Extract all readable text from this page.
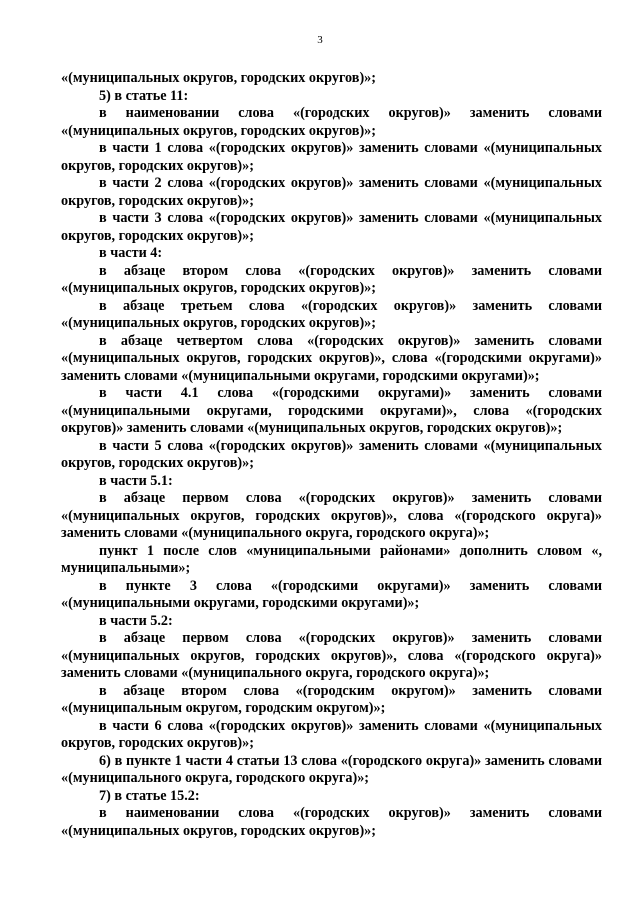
3

«(муниципальных округов, городских округов)»;

5) в статье 11:

в наименовании слова «(городских округов)» заменить словами «(муниципальных округов, городских округов)»;

в части 1 слова «(городских округов)» заменить словами «(муниципальных округов, городских округов)»;

в части 2 слова «(городских округов)» заменить словами «(муниципальных округов, городских округов)»;

в части 3 слова «(городских округов)» заменить словами «(муниципальных округов, городских округов)»;

в части 4:

в абзаце втором слова «(городских округов)» заменить словами «(муниципальных округов, городских округов)»;

в абзаце третьем слова «(городских округов)» заменить словами «(муниципальных округов, городских округов)»;

в абзаце четвертом слова «(городских округов)» заменить словами «(муниципальных округов, городских округов)», слова «(городскими округами)» заменить словами «(муниципальными округами, городскими округами)»;

в части 4.1 слова «(городскими округами)» заменить словами «(муниципальными округами, городскими округами)», слова «(городских округов)» заменить словами «(муниципальных округов, городских округов)»;

в части 5 слова «(городских округов)» заменить словами «(муниципальных округов, городских округов)»;

в части 5.1:

в абзаце первом слова «(городских округов)» заменить словами «(муниципальных округов, городских округов)», слова «(городского округа)» заменить словами «(муниципального округа, городского округа)»;

пункт 1 после слов «муниципальными районами» дополнить словом «, муниципальными»;

в пункте 3 слова «(городскими округами)» заменить словами «(муниципальными округами, городскими округами)»;

в части 5.2:

в абзаце первом слова «(городских округов)» заменить словами «(муниципальных округов, городских округов)», слова «(городского округа)» заменить словами «(муниципального округа, городского округа)»;

в абзаце втором слова «(городским округом)» заменить словами «(муниципальным округом, городским округом)»;

в части 6 слова «(городских округов)» заменить словами «(муниципальных округов, городских округов)»;

6) в пункте 1 части 4 статьи 13 слова «(городского округа)» заменить словами «(муниципального округа, городского округа)»;

7) в статье 15.2:

в наименовании слова «(городских округов)» заменить словами «(муниципальных округов, городских округов)»;
